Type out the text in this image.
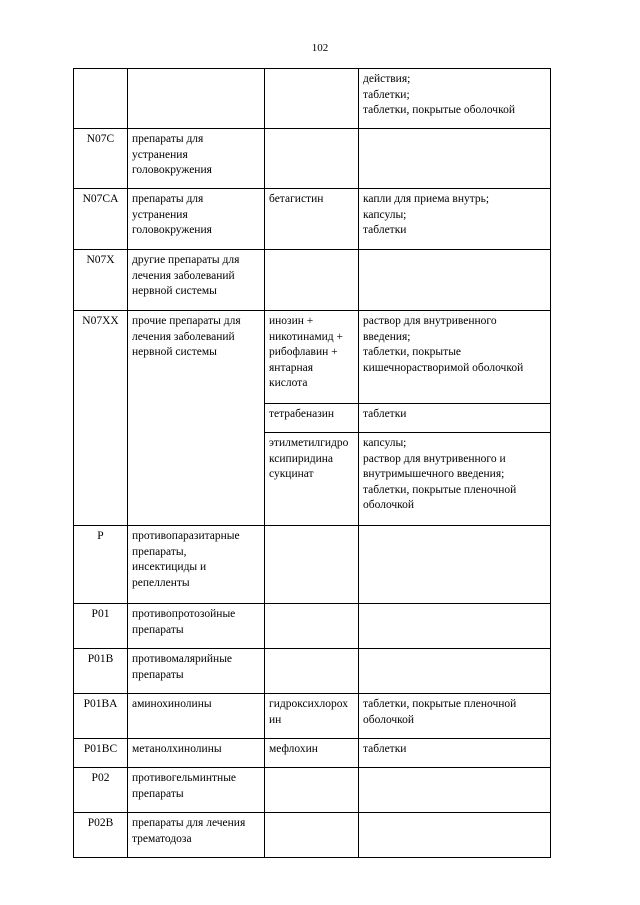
102

			действия;
таблетки;
таблетки, покрытые оболочкой

N07C	препараты для
устранения
головокружения		

N07CA	препараты для
устранения
головокружения	бетагистин	капли для приема внутрь;
капсулы;
таблетки

N07X	другие препараты для
лечения заболеваний
нервной системы		

N07XX	прочие препараты для
лечения заболеваний
нервной системы	инозин +
никотинамид +
рибофлавин +
янтарная
кислота	раствор для внутривенного
введения;
таблетки, покрытые
кишечнорастворимой оболочкой

		тетрабеназин	таблетки

		этилметилгидро
ксипиридина
сукцинат	капсулы;
раствор для внутривенного и
внутримышечного введения;
таблетки, покрытые пленочной
оболочкой

P	противопаразитарные
препараты,
инсектициды и
репелленты		

P01	противопротозойные
препараты		

P01B	противомалярийные
препараты		

P01BA	аминохинолины	гидроксихлорох
ин	таблетки, покрытые пленочной
оболочкой

P01BC	метанолхинолины	мефлохин	таблетки

P02	противогельминтные
препараты		

P02B	препараты для лечения
трематодоза		
